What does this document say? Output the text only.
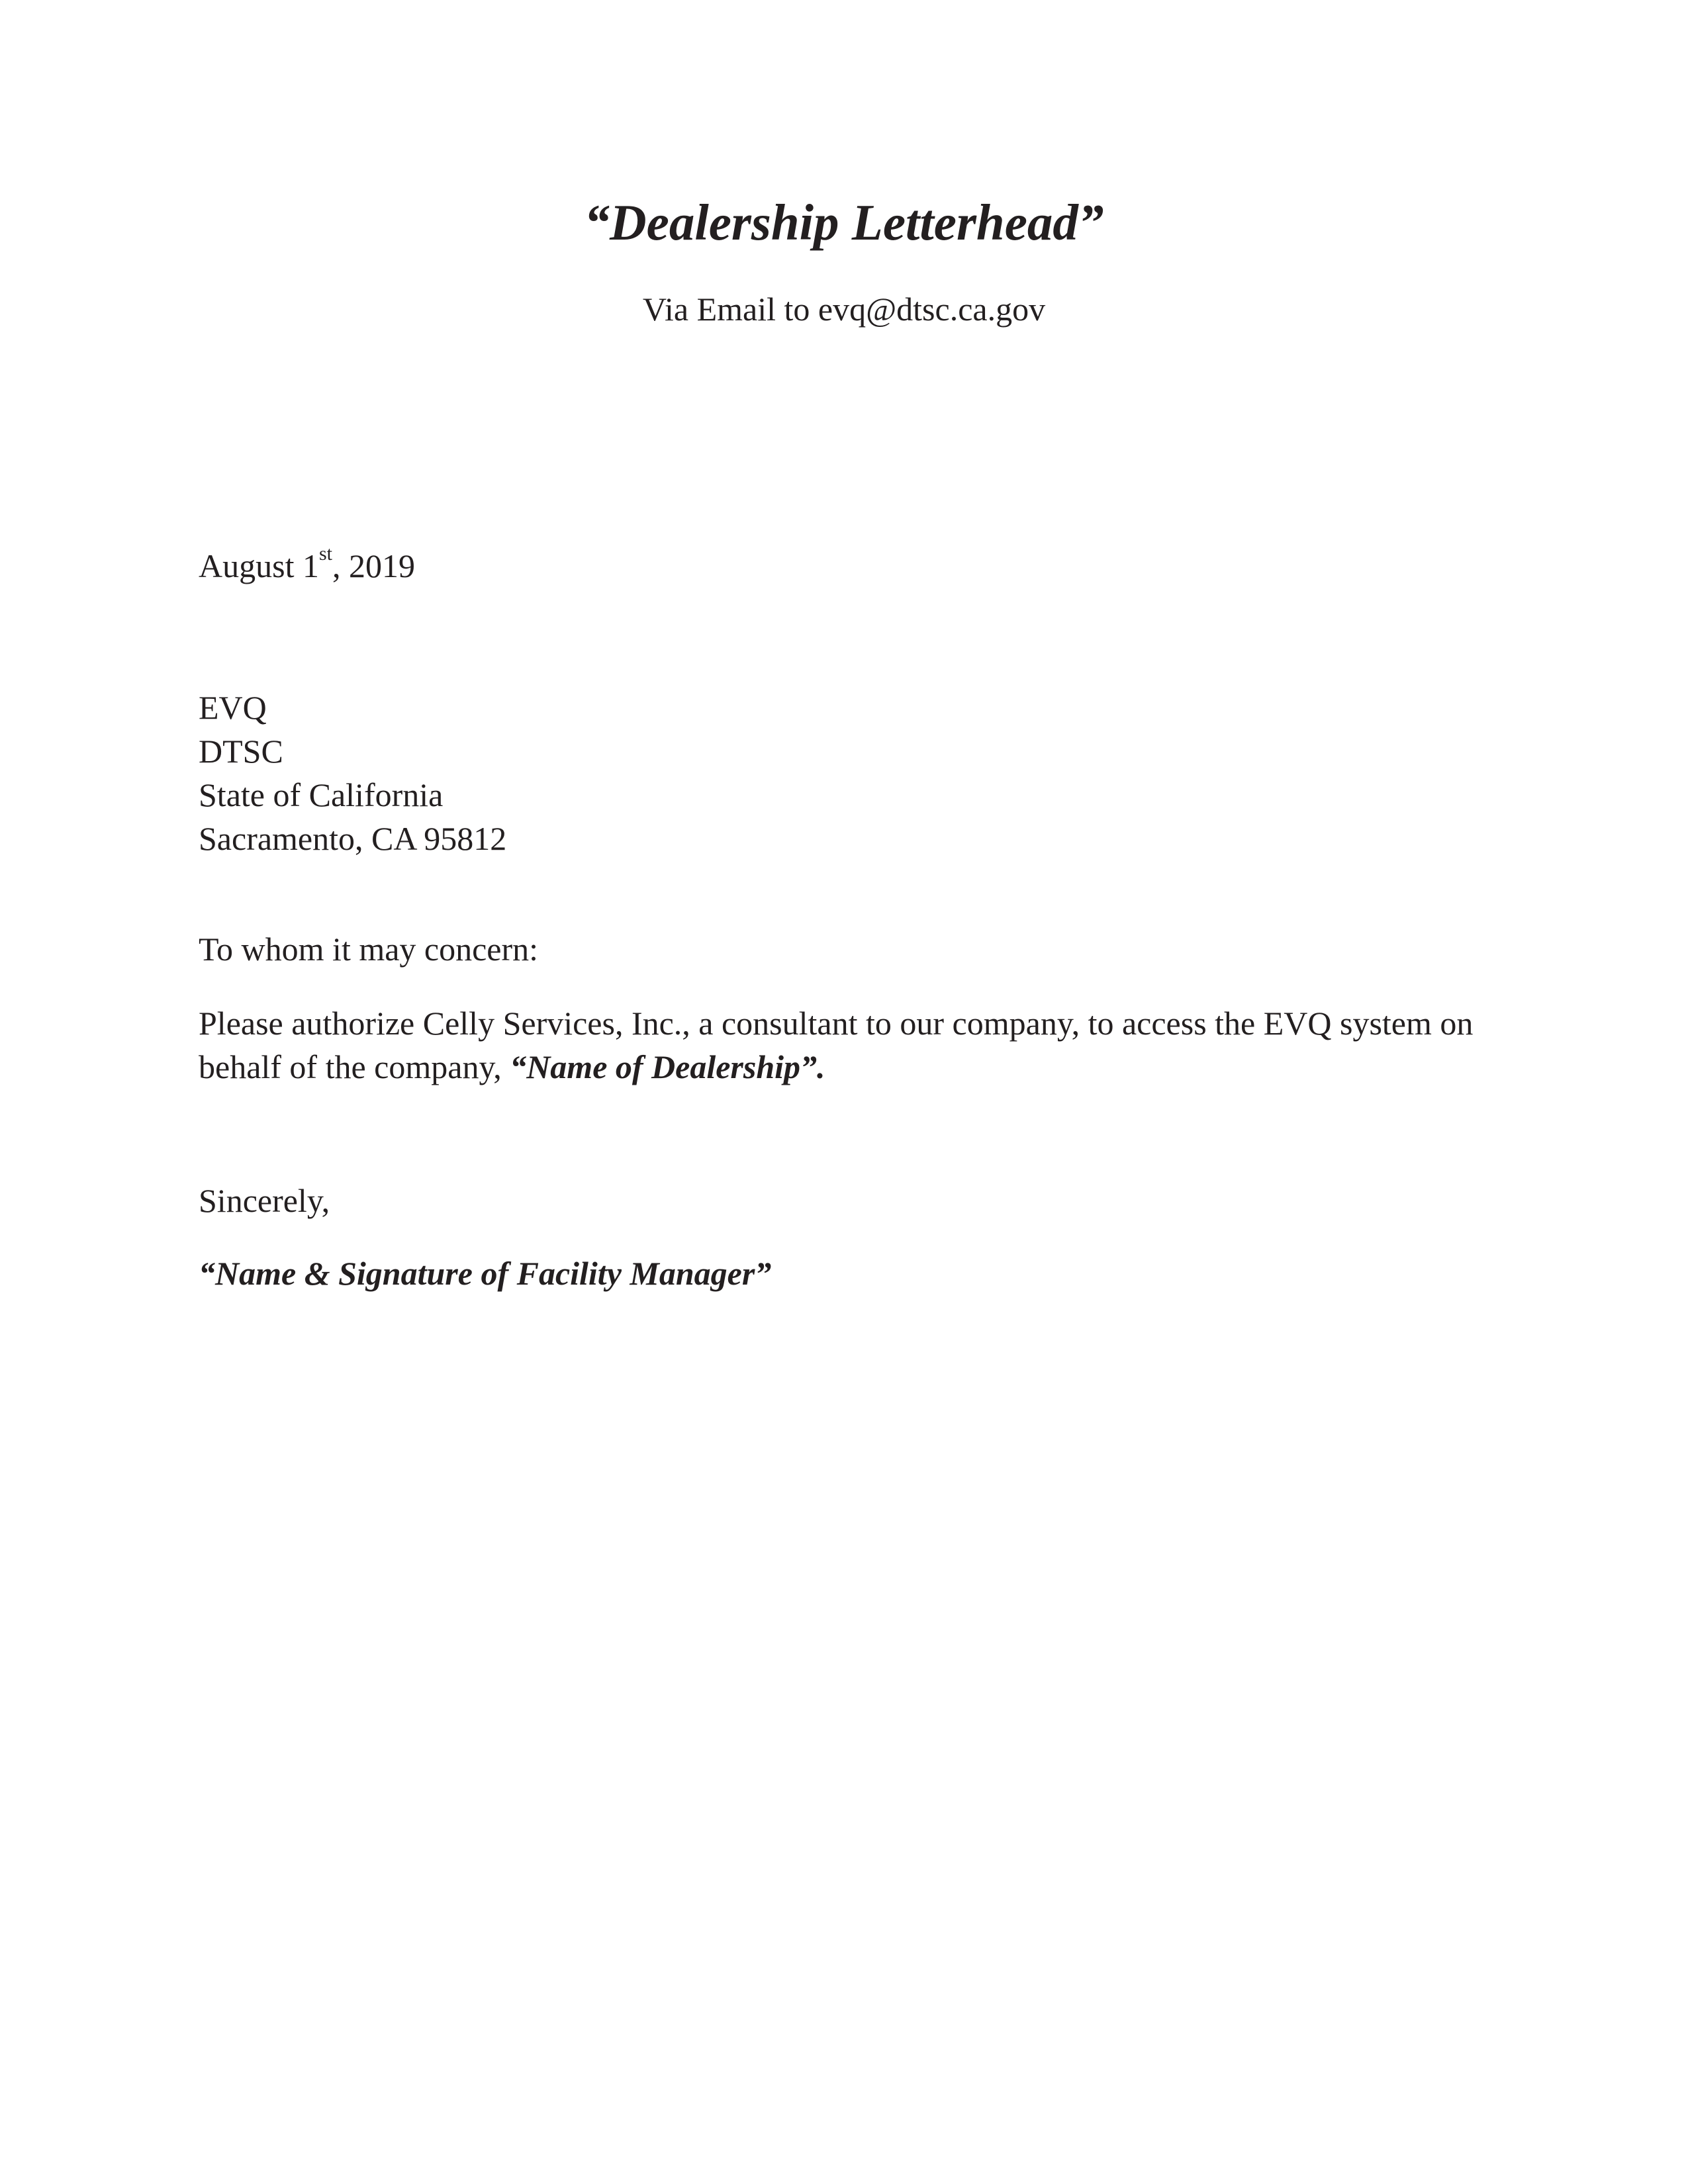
“Dealership Letterhead”
Via Email to evq@dtsc.ca.gov
August 1st, 2019
EVQ
DTSC
State of California
Sacramento, CA 95812
To whom it may concern:
Please authorize Celly Services, Inc., a consultant to our company, to access the EVQ system on behalf of the company, “Name of Dealership”.
Sincerely,
“Name & Signature of Facility Manager”
